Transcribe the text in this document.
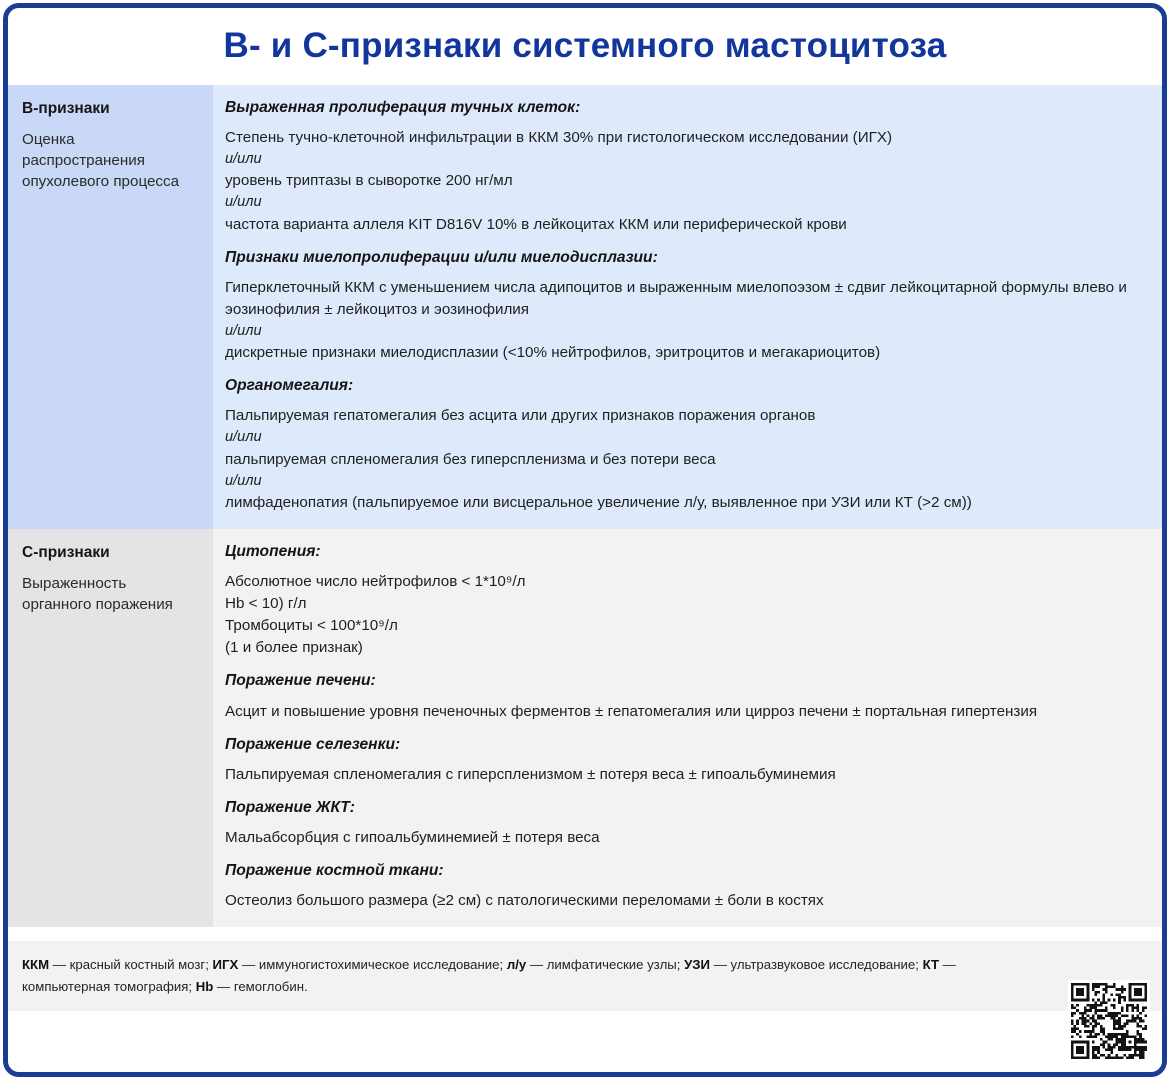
B- и C-признаки системного мастоцитоза
B-признаки
Оценка распространения опухолевого процесса
Выраженная пролиферация тучных клеток:
Степень тучно-клеточной инфильтрации в ККМ 30% при гистологическом исследовании (ИГХ)
и/или
уровень триптазы в сыворотке 200 нг/мл
и/или
частота варианта аллеля KIT D816V 10% в лейкоцитах ККМ или периферической крови
Признаки миелопролиферации и/или миелодисплазии:
Гиперклеточный ККМ с уменьшением числа адипоцитов и выраженным миелопоэзом ± сдвиг лейкоцитарной формулы влево и эозинофилия ± лейкоцитоз и эозинофилия
и/или
дискретные признаки миелодисплазии (<10% нейтрофилов, эритроцитов и мегакариоцитов)
Органомегалия:
Пальпируемая гепатомегалия без асцита или других признаков поражения органов
и/или
пальпируемая спленомегалия без гиперспленизма и без потери веса
и/или
лимфаденопатия (пальпируемое или висцеральное увеличение л/у, выявленное при УЗИ или КТ (>2 см))
C-признаки
Выраженность органного поражения
Цитопения:
Абсолютное число нейтрофилов < 1*10⁹/л
Hb < 10) г/л
Тромбоциты < 100*10⁹/л
(1 и более признак)
Поражение печени:
Асцит и повышение уровня печеночных ферментов ± гепатомегалия или цирроз печени ± портальная гипертензия
Поражение селезенки:
Пальпируемая спленомегалия с гиперспленизмом ± потеря веса ± гипоальбуминемия
Поражение ЖКТ:
Мальабсорбция с гипоальбуминемией ± потеря веса
Поражение костной ткани:
Остеолиз большого размера (≥2 см) с патологическими переломами ± боли в костях
ККМ — красный костный мозг; ИГХ — иммуногистохимическое исследование; л/у — лимфатические узлы; УЗИ — ультразвуковое исследование; КТ — компьютерная томография; Hb — гемоглобин.
